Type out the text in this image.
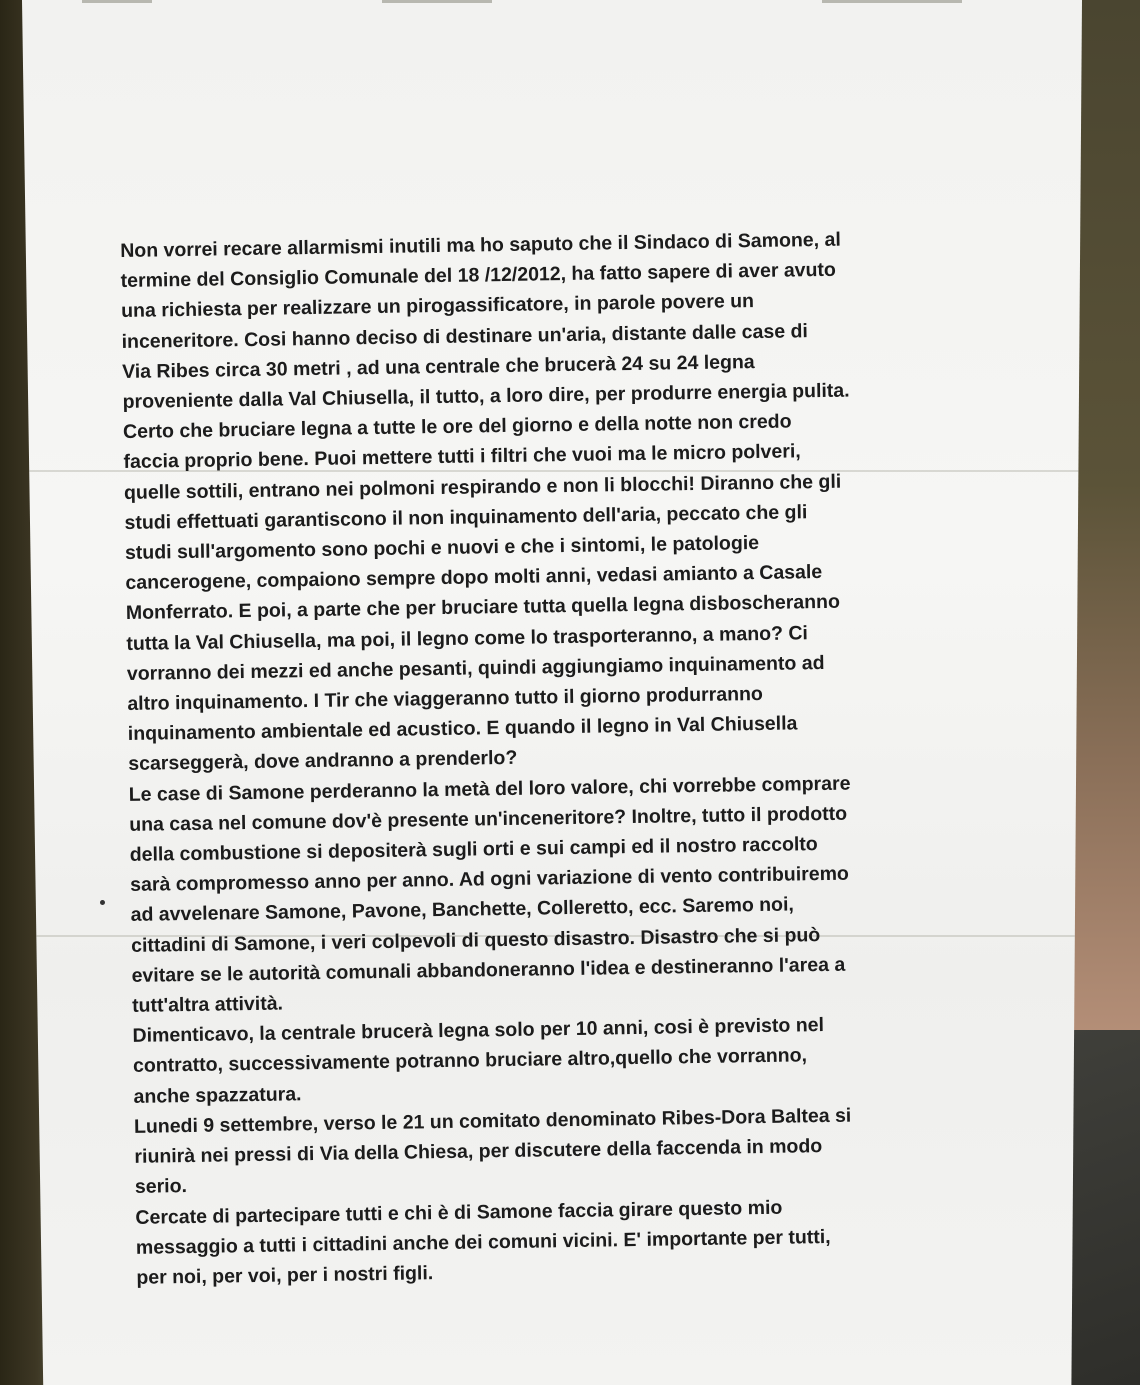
Non vorrei recare allarmismi inutili ma ho saputo che il Sindaco di Samone, al
termine del Consiglio Comunale del 18 /12/2012, ha fatto sapere di aver avuto
una richiesta per realizzare un pirogassificatore, in parole povere un
inceneritore. Cosi hanno deciso di destinare un'aria, distante dalle case di
Via Ribes circa 30 metri , ad una centrale che brucerà 24 su 24 legna
proveniente dalla Val Chiusella, il tutto, a loro dire, per produrre energia pulita.
Certo che bruciare legna a tutte le ore del giorno e della notte non credo
faccia proprio bene. Puoi mettere tutti i filtri che vuoi ma le micro polveri,
quelle sottili, entrano nei polmoni respirando e non li blocchi! Diranno che gli
studi effettuati garantiscono il non inquinamento dell'aria, peccato che gli
studi sull'argomento sono pochi e nuovi e che i sintomi, le patologie
cancerogene, compaiono sempre dopo molti anni, vedasi amianto a Casale
Monferrato. E poi, a parte che per bruciare tutta quella legna disboscheranno
tutta la Val Chiusella, ma poi, il legno come lo trasporteranno, a mano? Ci
vorranno dei mezzi ed anche pesanti, quindi aggiungiamo inquinamento ad
altro inquinamento. I Tir che viaggeranno tutto il giorno produrranno
inquinamento ambientale ed acustico. E quando il legno in Val Chiusella
scarseggerà, dove andranno a prenderlo?

Le case di Samone perderanno la metà del loro valore, chi vorrebbe comprare
una casa nel comune dov'è presente un'inceneritore? Inoltre, tutto il prodotto
della combustione si depositerà sugli orti e sui campi ed il nostro raccolto
sarà compromesso anno per anno. Ad ogni variazione di vento contribuiremo
ad avvelenare Samone, Pavone, Banchette, Colleretto, ecc. Saremo noi,
cittadini di Samone, i veri colpevoli di questo disastro. Disastro che si può
evitare se le autorità comunali abbandoneranno l'idea e destineranno l'area a
tutt'altra attività.

Dimenticavo, la centrale brucerà legna solo per 10 anni, cosi è previsto nel
contratto, successivamente potranno bruciare altro,quello che vorranno,
anche spazzatura.

Lunedi 9 settembre, verso le 21 un comitato denominato Ribes-Dora Baltea si
riunirà nei pressi di Via della Chiesa, per discutere della faccenda in modo
serio.

Cercate di partecipare tutti e chi è di Samone faccia girare questo mio
messaggio a tutti i cittadini anche dei comuni vicini. E' importante per tutti,
per noi, per voi, per i nostri figli.
